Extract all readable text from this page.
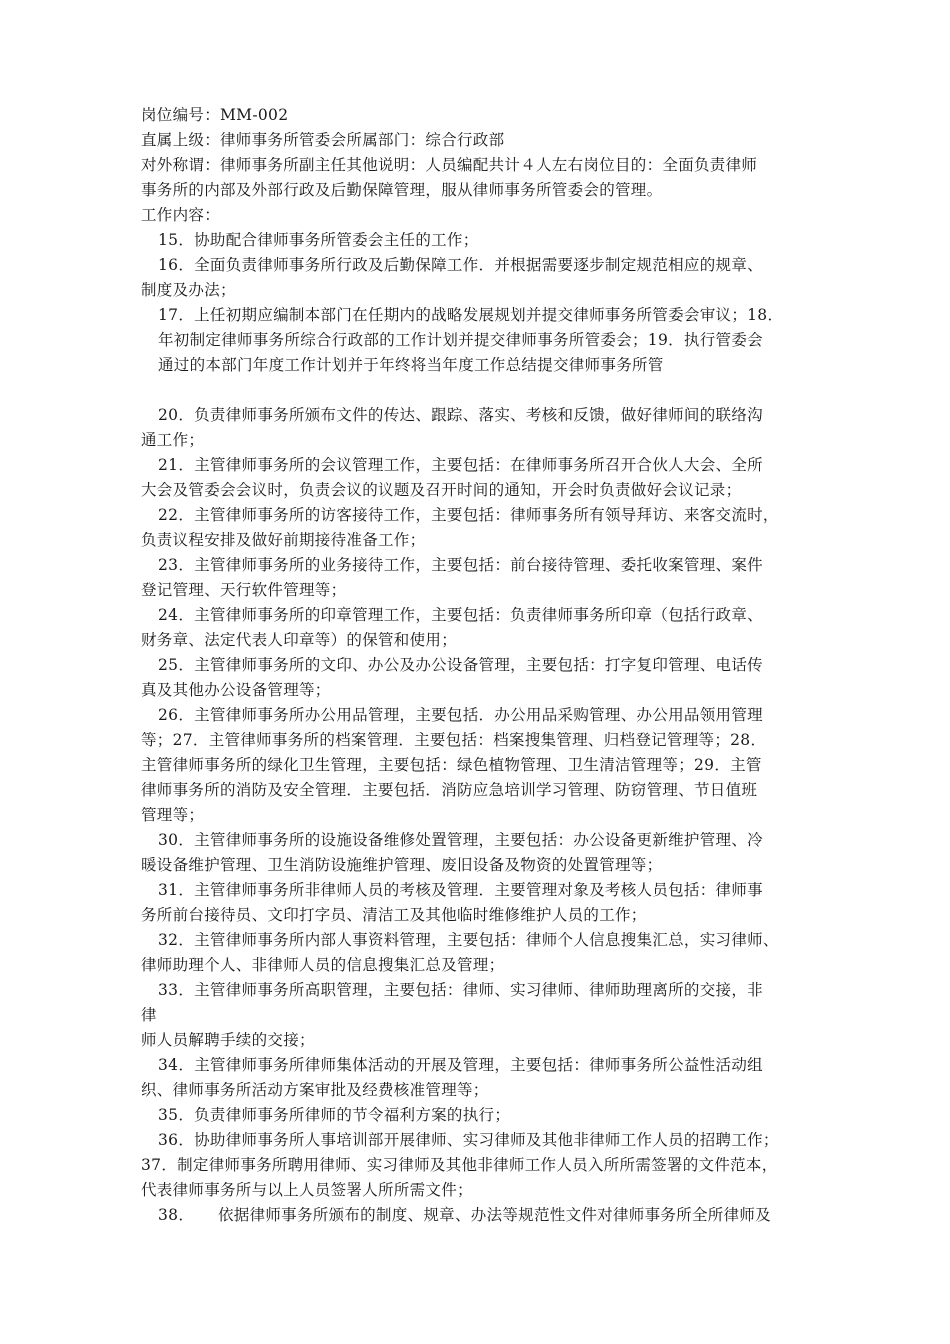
岗位编号：MM-002
直属上级：律师事务所管委会所属部门：综合行政部
对外称谓：律师事务所副主任其他说明：人员编配共计４人左右岗位目的：全面负责律师
事务所的内部及外部行政及后勤保障管理，服从律师事务所管委会的管理。
工作内容：
15．协助配合律师事务所管委会主任的工作；
16．全面负责律师事务所行政及后勤保障工作．并根据需要逐步制定规范相应的规章、
制度及办法；
17．上任初期应编制本部门在任期内的战略发展规划并提交律师事务所管委会审议；18．
年初制定律师事务所综合行政部的工作计划并提交律师事务所管委会；19．执行管委会
通过的本部门年度工作计划并于年终将当年度工作总结提交律师事务所管
20．负责律师事务所颁布文件的传达、跟踪、落实、考核和反馈，做好律师间的联络沟
通工作；
21．主管律师事务所的会议管理工作，主要包括：在律师事务所召开合伙人大会、全所
大会及管委会会议时，负责会议的议题及召开时间的通知，开会时负责做好会议记录；
22．主管律师事务所的访客接待工作，主要包括：律师事务所有领导拜访、来客交流时，
负责议程安排及做好前期接待准备工作；
23．主管律师事务所的业务接待工作，主要包括：前台接待管理、委托收案管理、案件
登记管理、天行软件管理等；
24．主管律师事务所的印章管理工作，主要包括：负责律师事务所印章（包括行政章、
财务章、法定代表人印章等）的保管和使用；
25．主管律师事务所的文印、办公及办公设备管理，主要包括：打字复印管理、电话传
真及其他办公设备管理等；
26．主管律师事务所办公用品管理，主要包括．办公用品采购管理、办公用品领用管理
等；27．主管律师事务所的档案管理．主要包括：档案搜集管理、归档登记管理等；28．
主管律师事务所的绿化卫生管理，主要包括：绿色植物管理、卫生清洁管理等；29．主管
律师事务所的消防及安全管理．主要包括．消防应急培训学习管理、防窃管理、节日值班
管理等；
30．主管律师事务所的设施设备维修处置管理，主要包括：办公设备更新维护管理、冷
暖设备维护管理、卫生消防设施维护管理、废旧设备及物资的处置管理等；
31．主管律师事务所非律师人员的考核及管理．主要管理对象及考核人员包括：律师事
务所前台接待员、文印打字员、清洁工及其他临时维修维护人员的工作；
32．主管律师事务所内部人事资料管理，主要包括：律师个人信息搜集汇总，实习律师、
律师助理个人、非律师人员的信息搜集汇总及管理；
33．主管律师事务所高职管理，主要包括：律师、实习律师、律师助理离所的交接，非
律
师人员解聘手续的交接；
34．主管律师事务所律师集体活动的开展及管理，主要包括：律师事务所公益性活动组
织、律师事务所活动方案审批及经费核准管理等；
35．负责律师事务所律师的节令福利方案的执行；
36．协助律师事务所人事培训部开展律师、实习律师及其他非律师工作人员的招聘工作；
37．制定律师事务所聘用律师、实习律师及其他非律师工作人员入所所需签署的文件范本，
代表律师事务所与以上人员签署人所所需文件；
38．　　依据律师事务所颁布的制度、规章、办法等规范性文件对律师事务所全所律师及
